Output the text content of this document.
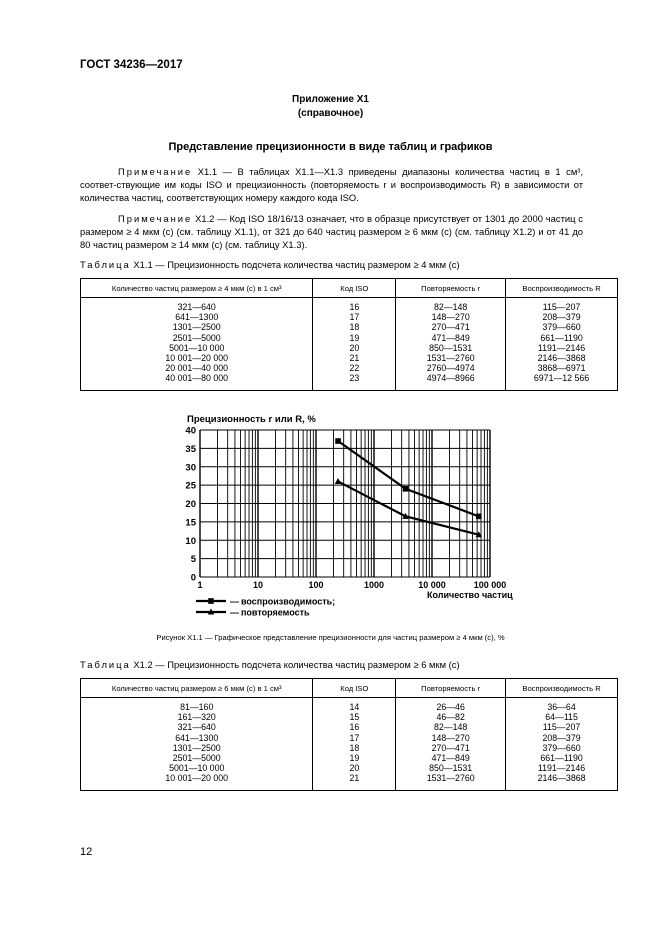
ГОСТ 34236—2017
Приложение Х1
(справочное)
Представление прецизионности в виде таблиц и графиков

Примечание X1.1 — В таблицах Х1.1—Х1.3 приведены диапазоны количества частиц в 1 см³, соответ-ствующие им коды ISO и прецизионность (повторяемость r и воспроизводимость R) в зависимости от количества частиц, соответствующих номеру каждого кода ISO.

Примечание X1.2 — Код ISO 18/16/13 означает, что в образце присутствует от 1301 до 2000 частиц с размером ≥ 4 мкм (с) (см. таблицу Х1.1), от 321 до 640 частиц размером ≥ 6 мкм (с) (см. таблицу Х1.2) и от 41 до 80 частиц размером ≥ 14 мкм (с) (см. таблицу Х1.3).

Таблица X1.1 — Прецизионность подсчета количества частиц размером ≥ 4 мкм (с)
Количество частиц размером ≥ 4 мкм (с) в 1 см³	Код ISO	Повторяемость r	Воспроизводимость R
321—640	16	82—148	115—207
641—1300	17	148—270	208—379
1301—2500	18	270—471	379—660
2501—5000	19	471—849	661—1190
5001—10 000	20	850—1531	1191—2146
10 001—20 000	21	1531—2760	2146—3868
20 001—40 000	22	2760—4974	3868—6971
40 001—80 000	23	4974—8966	6971—12 566
0
5
10
15
20
25
30
35
40
1	10	100	1000	10 000	100 000
Прецизионность r или R, %
Количество частиц
— воспроизводимость;
— повторяемость
Рисунок Х1.1 — Графическое представление прецизионности для частиц размером ≥ 4 мкм (с), %
Таблица X1.2 — Прецизионность подсчета количества частиц размером ≥ 6 мкм (с)
Количество частиц размером ≥ 6 мкм (с) в 1 см³	Код ISO	Повторяемость r	Воспроизводимость R
81—160	14	26—46	36—64
161—320	15	46—82	64—115
321—640	16	82—148	115—207
641—1300	17	148—270	208—379
1301—2500	18	270—471	379—660
2501—5000	19	471—849	661—1190
5001—10 000	20	850—1531	1191—2146
10 001—20 000	21	1531—2760	2146—3868
12
